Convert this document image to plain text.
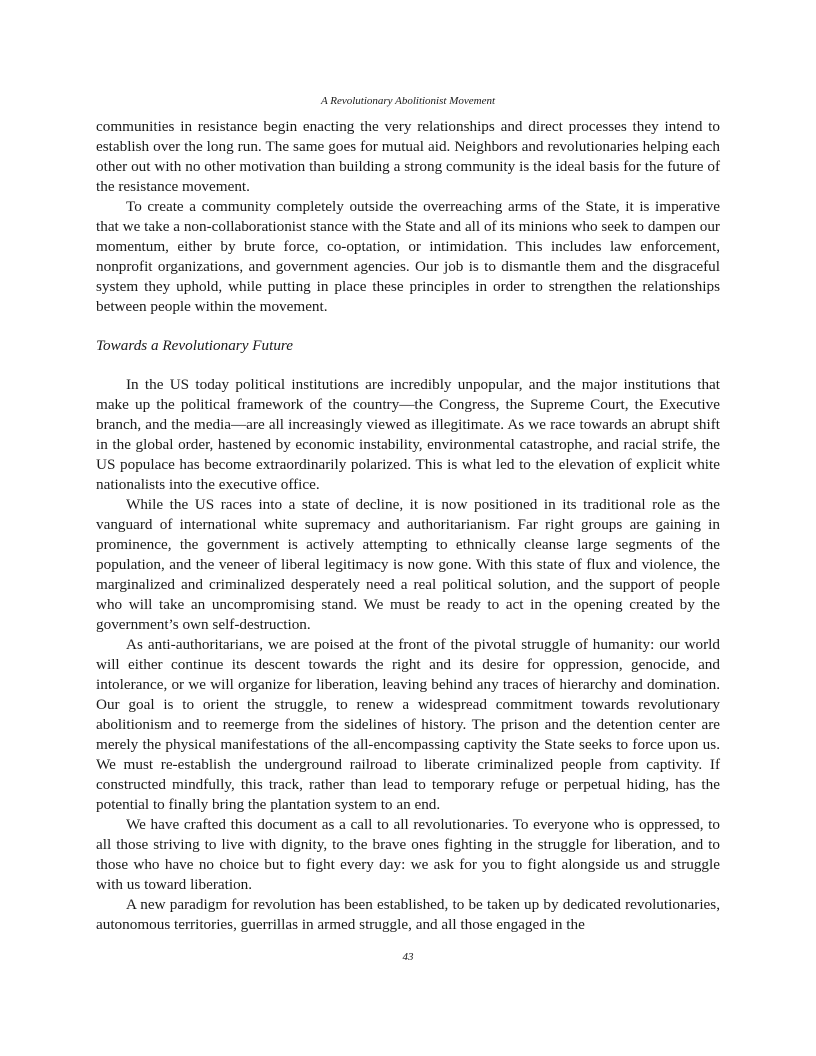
A Revolutionary Abolitionist Movement

communities in resistance begin enacting the very relationships and direct processes they intend to establish over the long run. The same goes for mutual aid. Neighbors and revolutionaries helping each other out with no other motivation than building a strong community is the ideal basis for the future of the resistance movement.

To create a community completely outside the overreaching arms of the State, it is imperative that we take a non-collaborationist stance with the State and all of its minions who seek to dampen our momentum, either by brute force, co-optation, or intimidation. This includes law enforcement, nonprofit organizations, and government agencies. Our job is to dismantle them and the disgraceful system they uphold, while putting in place these principles in order to strengthen the relationships between people within the movement.

Towards a Revolutionary Future

In the US today political institutions are incredibly unpopular, and the major institutions that make up the political framework of the country—the Congress, the Supreme Court, the Executive branch, and the media—are all increasingly viewed as illegitimate. As we race towards an abrupt shift in the global order, hastened by economic instability, environmental catastrophe, and racial strife, the US populace has become extraordinarily polarized. This is what led to the elevation of explicit white nationalists into the executive office.

While the US races into a state of decline, it is now positioned in its traditional role as the vanguard of international white supremacy and authoritarianism. Far right groups are gaining in prominence, the government is actively attempting to ethnically cleanse large segments of the population, and the veneer of liberal legitimacy is now gone. With this state of flux and violence, the marginalized and criminalized desperately need a real political solution, and the support of people who will take an uncompromising stand. We must be ready to act in the opening created by the government’s own self-destruction.

As anti-authoritarians, we are poised at the front of the pivotal struggle of humanity: our world will either continue its descent towards the right and its desire for oppression, genocide, and intolerance, or we will organize for liberation, leaving behind any traces of hierarchy and domination. Our goal is to orient the struggle, to renew a widespread commitment towards revolutionary abolitionism and to reemerge from the sidelines of history. The prison and the detention center are merely the physical manifestations of the all-encompassing captivity the State seeks to force upon us. We must re-establish the underground railroad to liberate criminalized people from captivity. If constructed mindfully, this track, rather than lead to temporary refuge or perpetual hiding, has the potential to finally bring the plantation system to an end.

We have crafted this document as a call to all revolutionaries. To everyone who is oppressed, to all those striving to live with dignity, to the brave ones fighting in the struggle for liberation, and to those who have no choice but to fight every day: we ask for you to fight alongside us and struggle with us toward liberation.

A new paradigm for revolution has been established, to be taken up by dedicated revolutionaries, autonomous territories, guerrillas in armed struggle, and all those engaged in the

43
